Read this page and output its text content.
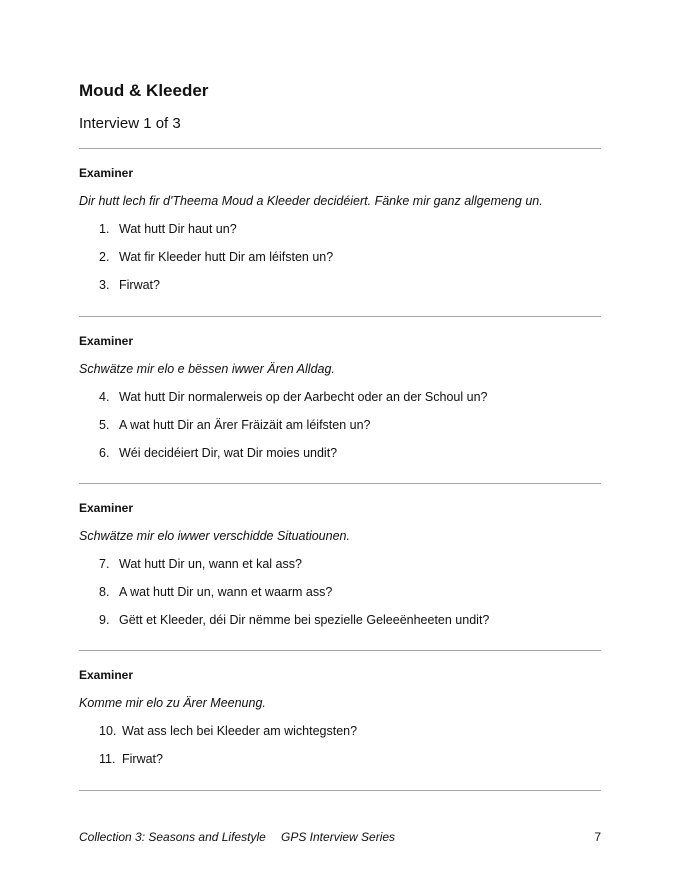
Moud & Kleeder
Interview 1 of 3
Examiner
Dir hutt lech fir d'Theema Moud a Kleeder decidéiert. Fänke mir ganz allgemeng un.
1. Wat hutt Dir haut un?
2. Wat fir Kleeder hutt Dir am léifsten un?
3. Firwat?
Examiner
Schwätze mir elo e bëssen iwwer Ären Alldag.
4. Wat hutt Dir normalerweis op der Aarbecht oder an der Schoul un?
5. A wat hutt Dir an Ärer Fräizäit am léifsten un?
6. Wéi decidéiert Dir, wat Dir moies undit?
Examiner
Schwätze mir elo iwwer verschidde Situatiounen.
7. Wat hutt Dir un, wann et kal ass?
8. A wat hutt Dir un, wann et waarm ass?
9. Gëtt et Kleeder, déi Dir nëmme bei spezielle Geleeënheeten undit?
Examiner
Komme mir elo zu Ärer Meenung.
10. Wat ass lech bei Kleeder am wichtegsten?
11. Firwat?
Collection 3: Seasons and Lifestyle GPS Interview Series	7
